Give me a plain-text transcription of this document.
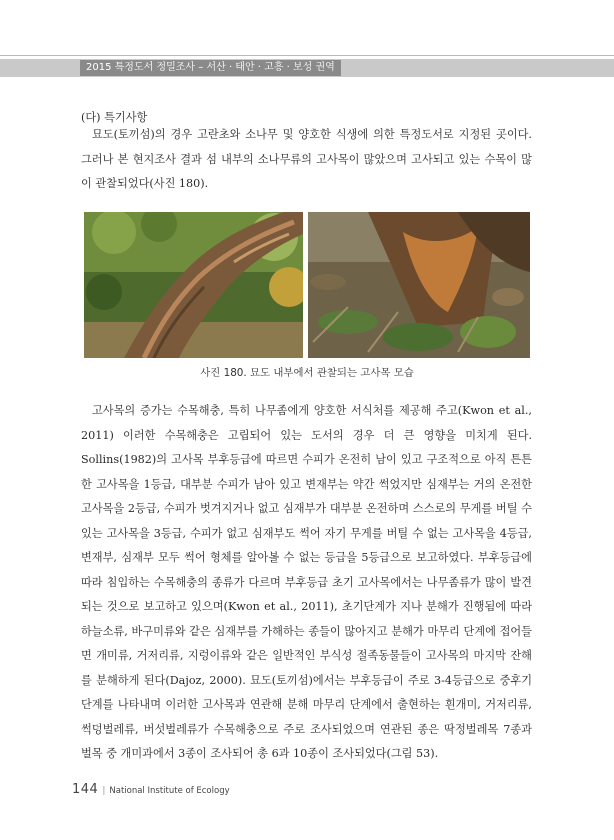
2015 특정도서 정밀조사 – 서산 · 태안 · 고흥 · 보성 권역

(다) 특기사항

묘도(토끼섬)의 경우 고란초와 소나무 및 양호한 식생에 의한 특정도서로 지정된 곳이다. 그러나 본 현지조사 결과 섬 내부의 소나무류의 고사목이 많았으며 고사되고 있는 수목이 많이 관찰되었다(사진 180).

사진 180. 묘도 내부에서 관찰되는 고사목 모습

고사목의 증가는 수목해충, 특히 나무좀에게 양호한 서식처를 제공해 주고(Kwon et al., 2011) 이러한 수목해충은 고립되어 있는 도서의 경우 더 큰 영향을 미치게 된다. Sollins(1982)의 고사목 부후등급에 따르면 수피가 온전히 남이 있고 구조적으로 아직 튼튼한 고사목을 1등급, 대부분 수피가 남아 있고 변재부는 약간 썩었지만 심재부는 거의 온전한 고사목을 2등급, 수피가 벗겨지거나 없고 심재부가 대부분 온전하며 스스로의 무게를 버틸 수 있는 고사목을 3등급, 수피가 없고 심재부도 썩어 자기 무게를 버틸 수 없는 고사목을 4등급, 변재부, 심재부 모두 썩어 형체를 알아볼 수 없는 등급을 5등급으로 보고하였다. 부후등급에 따라 침입하는 수목해충의 종류가 다르며 부후등급 초기 고사목에서는 나무좀류가 많이 발견되는 것으로 보고하고 있으며(Kwon et al., 2011), 초기단계가 지나 분해가 진행됨에 따라 하늘소류, 바구미류와 같은 심재부를 가해하는 종들이 많아지고 분해가 마무리 단계에 접어들면 개미류, 거저리류, 지렁이류와 같은 일반적인 부식성 절족동물들이 고사목의 마지막 잔해를 분해하게 된다(Dajoz, 2000). 묘도(토끼섬)에서는 부후등급이 주로 3-4등급으로 중후기 단계를 나타내며 이러한 고사목과 연관해 분해 마무리 단계에서 출현하는 흰개미, 거저리류, 썩덩벌레류, 버섯벌레류가 수목해충으로 주로 조사되었으며 연관된 종은 딱정벌레목 7종과 벌목 중 개미과에서 3종이 조사되어 총 6과 10종이 조사되었다(그림 53).

144 | National Institute of Ecology
